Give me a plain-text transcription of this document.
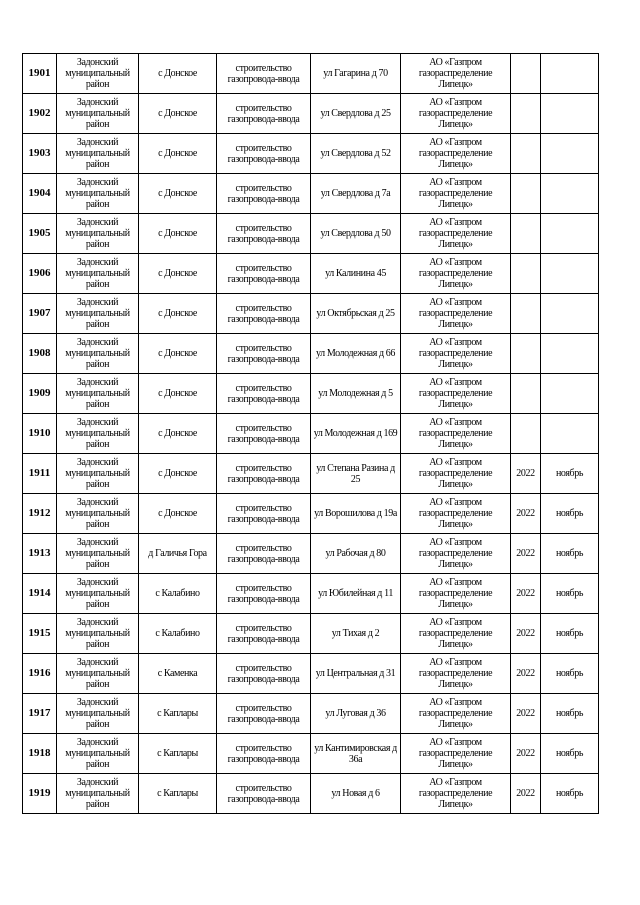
1901	Задонский муниципальный район	с Донское	строительство газопровода-ввода	ул Гагарина д 70	АО «Газпром газораспределение Липецк»		
1902	Задонский муниципальный район	с Донское	строительство газопровода-ввода	ул Свердлова д 25	АО «Газпром газораспределение Липецк»		
1903	Задонский муниципальный район	с Донское	строительство газопровода-ввода	ул Свердлова д 52	АО «Газпром газораспределение Липецк»		
1904	Задонский муниципальный район	с Донское	строительство газопровода-ввода	ул Свердлова д 7а	АО «Газпром газораспределение Липецк»		
1905	Задонский муниципальный район	с Донское	строительство газопровода-ввода	ул Свердлова д 50	АО «Газпром газораспределение Липецк»		
1906	Задонский муниципальный район	с Донское	строительство газопровода-ввода	ул Калинина 45	АО «Газпром газораспределение Липецк»		
1907	Задонский муниципальный район	с Донское	строительство газопровода-ввода	ул Октябрьская д 25	АО «Газпром газораспределение Липецк»		
1908	Задонский муниципальный район	с Донское	строительство газопровода-ввода	ул Молодежная д 66	АО «Газпром газораспределение Липецк»		
1909	Задонский муниципальный район	с Донское	строительство газопровода-ввода	ул Молодежная д 5	АО «Газпром газораспределение Липецк»		
1910	Задонский муниципальный район	с Донское	строительство газопровода-ввода	ул Молодежная д 169	АО «Газпром газораспределение Липецк»		
1911	Задонский муниципальный район	с Донское	строительство газопровода-ввода	ул Степана Разина д 25	АО «Газпром газораспределение Липецк»	2022	ноябрь
1912	Задонский муниципальный район	с Донское	строительство газопровода-ввода	ул Ворошилова д 19а	АО «Газпром газораспределение Липецк»	2022	ноябрь
1913	Задонский муниципальный район	д Галичья Гора	строительство газопровода-ввода	ул Рабочая д 80	АО «Газпром газораспределение Липецк»	2022	ноябрь
1914	Задонский муниципальный район	с Калабино	строительство газопровода-ввода	ул Юбилейная д 11	АО «Газпром газораспределение Липецк»	2022	ноябрь
1915	Задонский муниципальный район	с Калабино	строительство газопровода-ввода	ул Тихая д 2	АО «Газпром газораспределение Липецк»	2022	ноябрь
1916	Задонский муниципальный район	с Каменка	строительство газопровода-ввода	ул Центральная д 31	АО «Газпром газораспределение Липецк»	2022	ноябрь
1917	Задонский муниципальный район	с Каплары	строительство газопровода-ввода	ул Луговая д 36	АО «Газпром газораспределение Липецк»	2022	ноябрь
1918	Задонский муниципальный район	с Каплары	строительство газопровода-ввода	ул Кантимировская д 36а	АО «Газпром газораспределение Липецк»	2022	ноябрь
1919	Задонский муниципальный район	с Каплары	строительство газопровода-ввода	ул Новая д 6	АО «Газпром газораспределение Липецк»	2022	ноябрь
